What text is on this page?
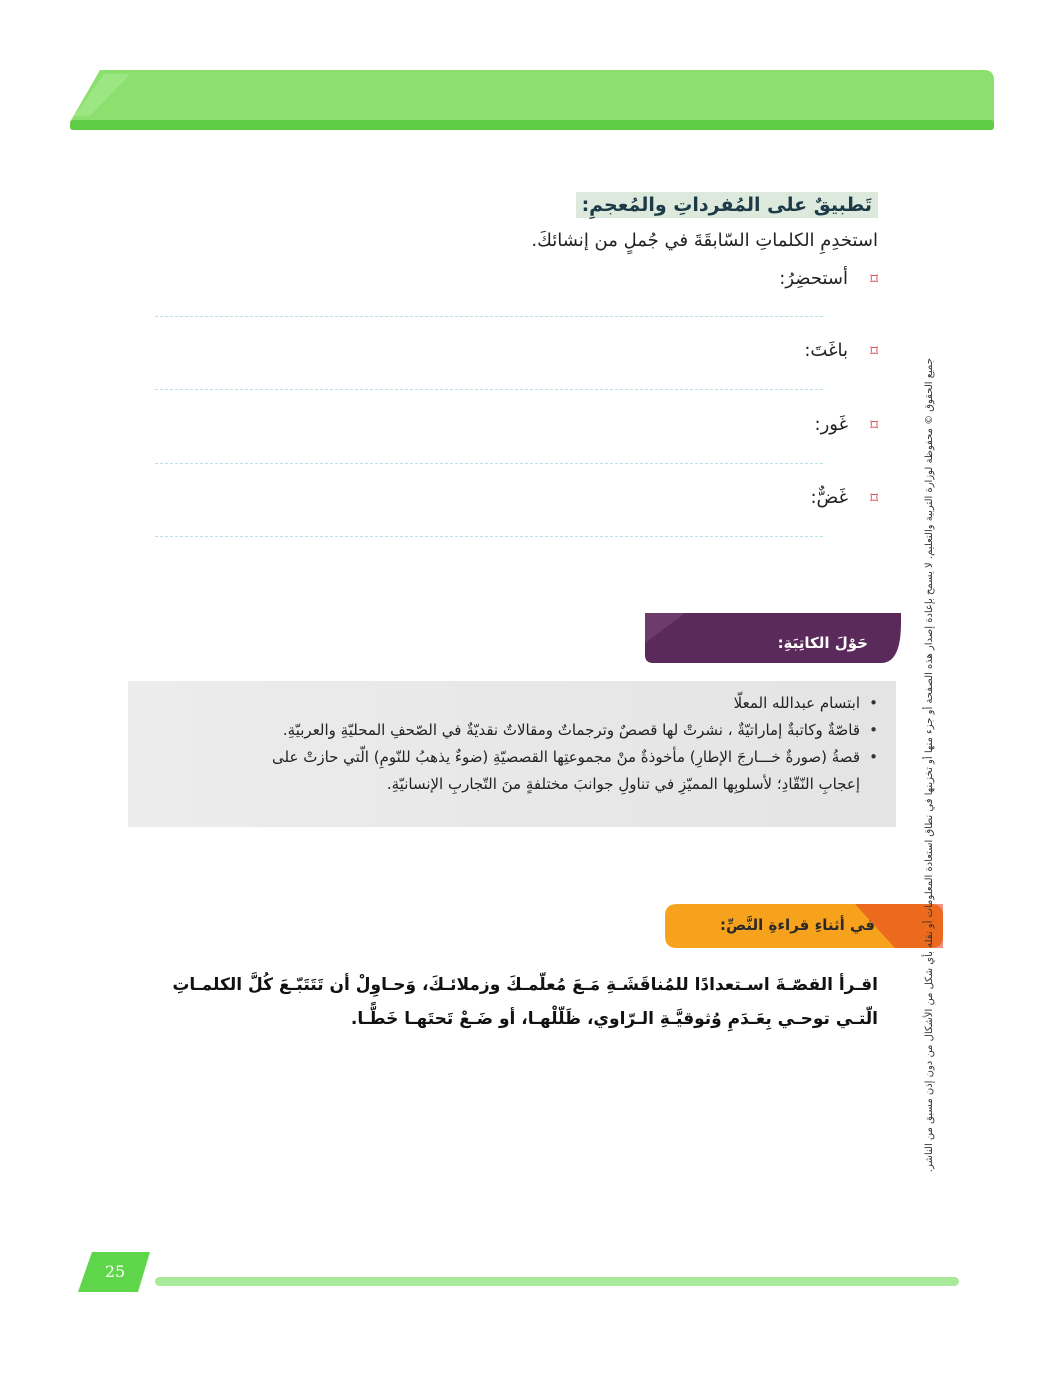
تَطبيقٌ على المُفرداتِ والمُعجمِ:
استخدِمِ الكلماتِ السّابقَةَ في جُملٍ من إنشائكَ.
⌑
أستحضِرُ:
⌑
باغَتَ:
⌑
غَور:
⌑
غَضٌّ:
حَوْلَ الكاتِبَةِ:
• ابتسام عبدالله المعلّا
• قاصّةٌ وكاتبةٌ إماراتيّةٌ ، نشرتْ لها قصصٌ وترجماتٌ ومقالاتٌ نقديّةٌ في الصّحفِ المحليّةِ والعربيّةِ.
• قصةُ (صورةٌ خـــارجَ الإطارِ) مأخوذةٌ منْ مجموعتِها القصصيّةِ (ضوءٌ يذهبُ للنّومِ) الّتي حازتْ على إعجابِ النّقّادِ؛ لأسلوبِها المميّزِ في تناولِ جوانبَ مختلفةٍ منَ التّجاربِ الإنسانيّةِ.
في أثناءِ قراءةِ النَّصِّ:
اقـرأ القصّـةَ اسـتعدادًا للمُناقَشَـةِ مَـعَ مُعلّمـكَ وزملائـكَ، وَحـاوِلْ أن تَتَتَبّـعَ كُلَّ الكلمـاتِ الّتـي توحـي بِعَـدَمِ وُثوقيَّـةِ الـرّاوي، ظَلّلْهـا، أو ضَـعْ تَحتَهـا خَطًّـا.	جميع الحقوق © محفوظة لوزارة التربية والتعليم. لا يسمح بإعادة إصدار هذه الصفحة أو جزء منها أو تخزينها في نطاق استعادة المعلومات أو نقله بأي شكل من الأشكال من دون إذن مسبق من الناشر.
25
